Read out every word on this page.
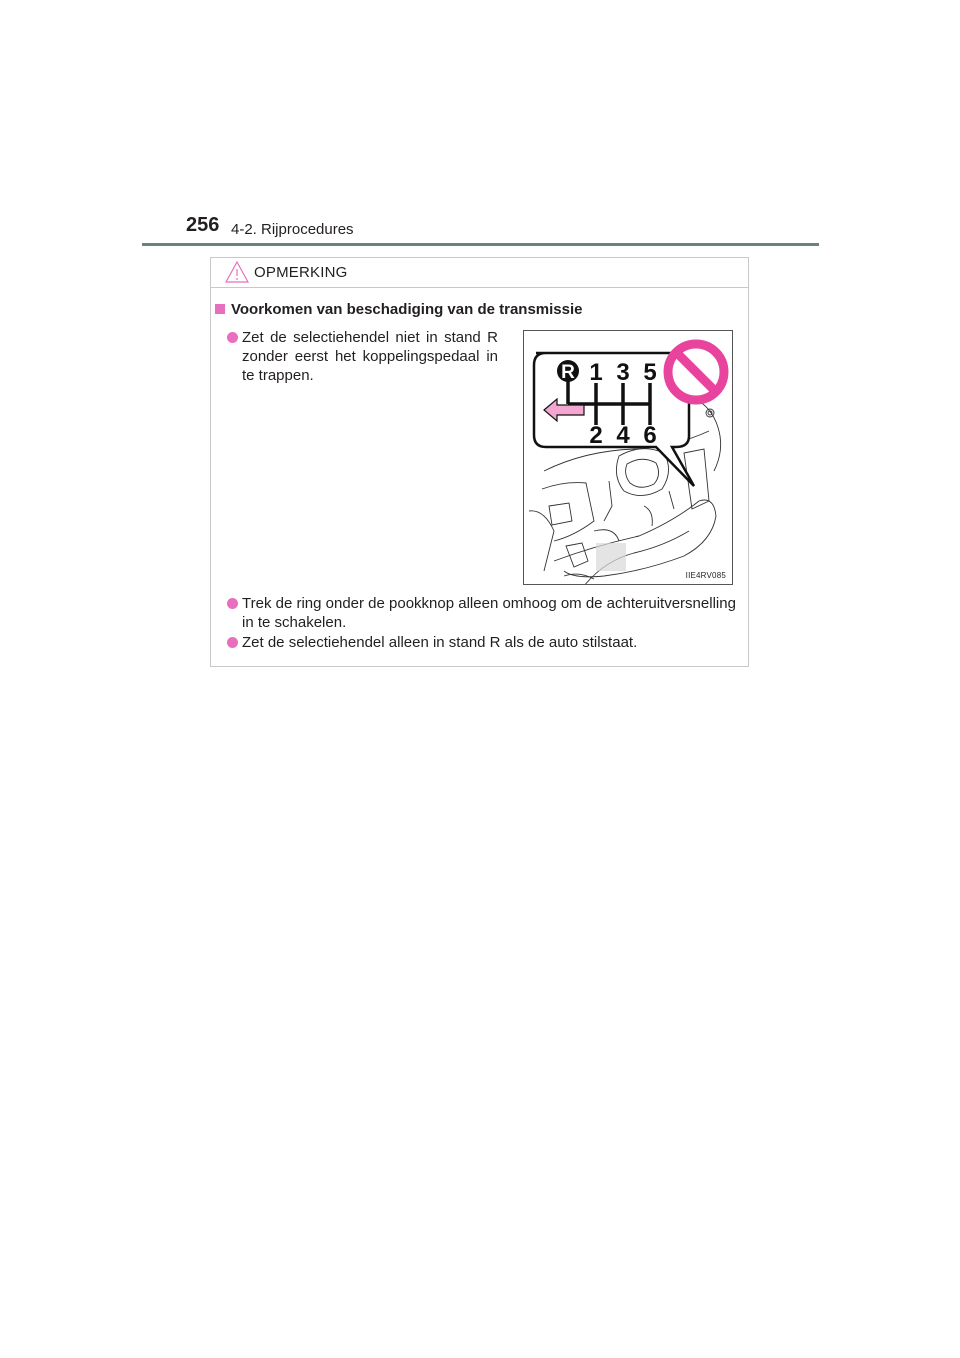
256 4-2. Rijprocedures
OPMERKING
Voorkomen van beschadiging van de transmissie
Zet de selectiehendel niet in stand R zonder eerst het koppelingspedaal in te trappen.	R 1 3 5
2 4 6
IIE4RV085
Trek de ring onder de pookknop alleen omhoog om de achteruitversnelling in te schakelen.
Zet de selectiehendel alleen in stand R als de auto stilstaat.
